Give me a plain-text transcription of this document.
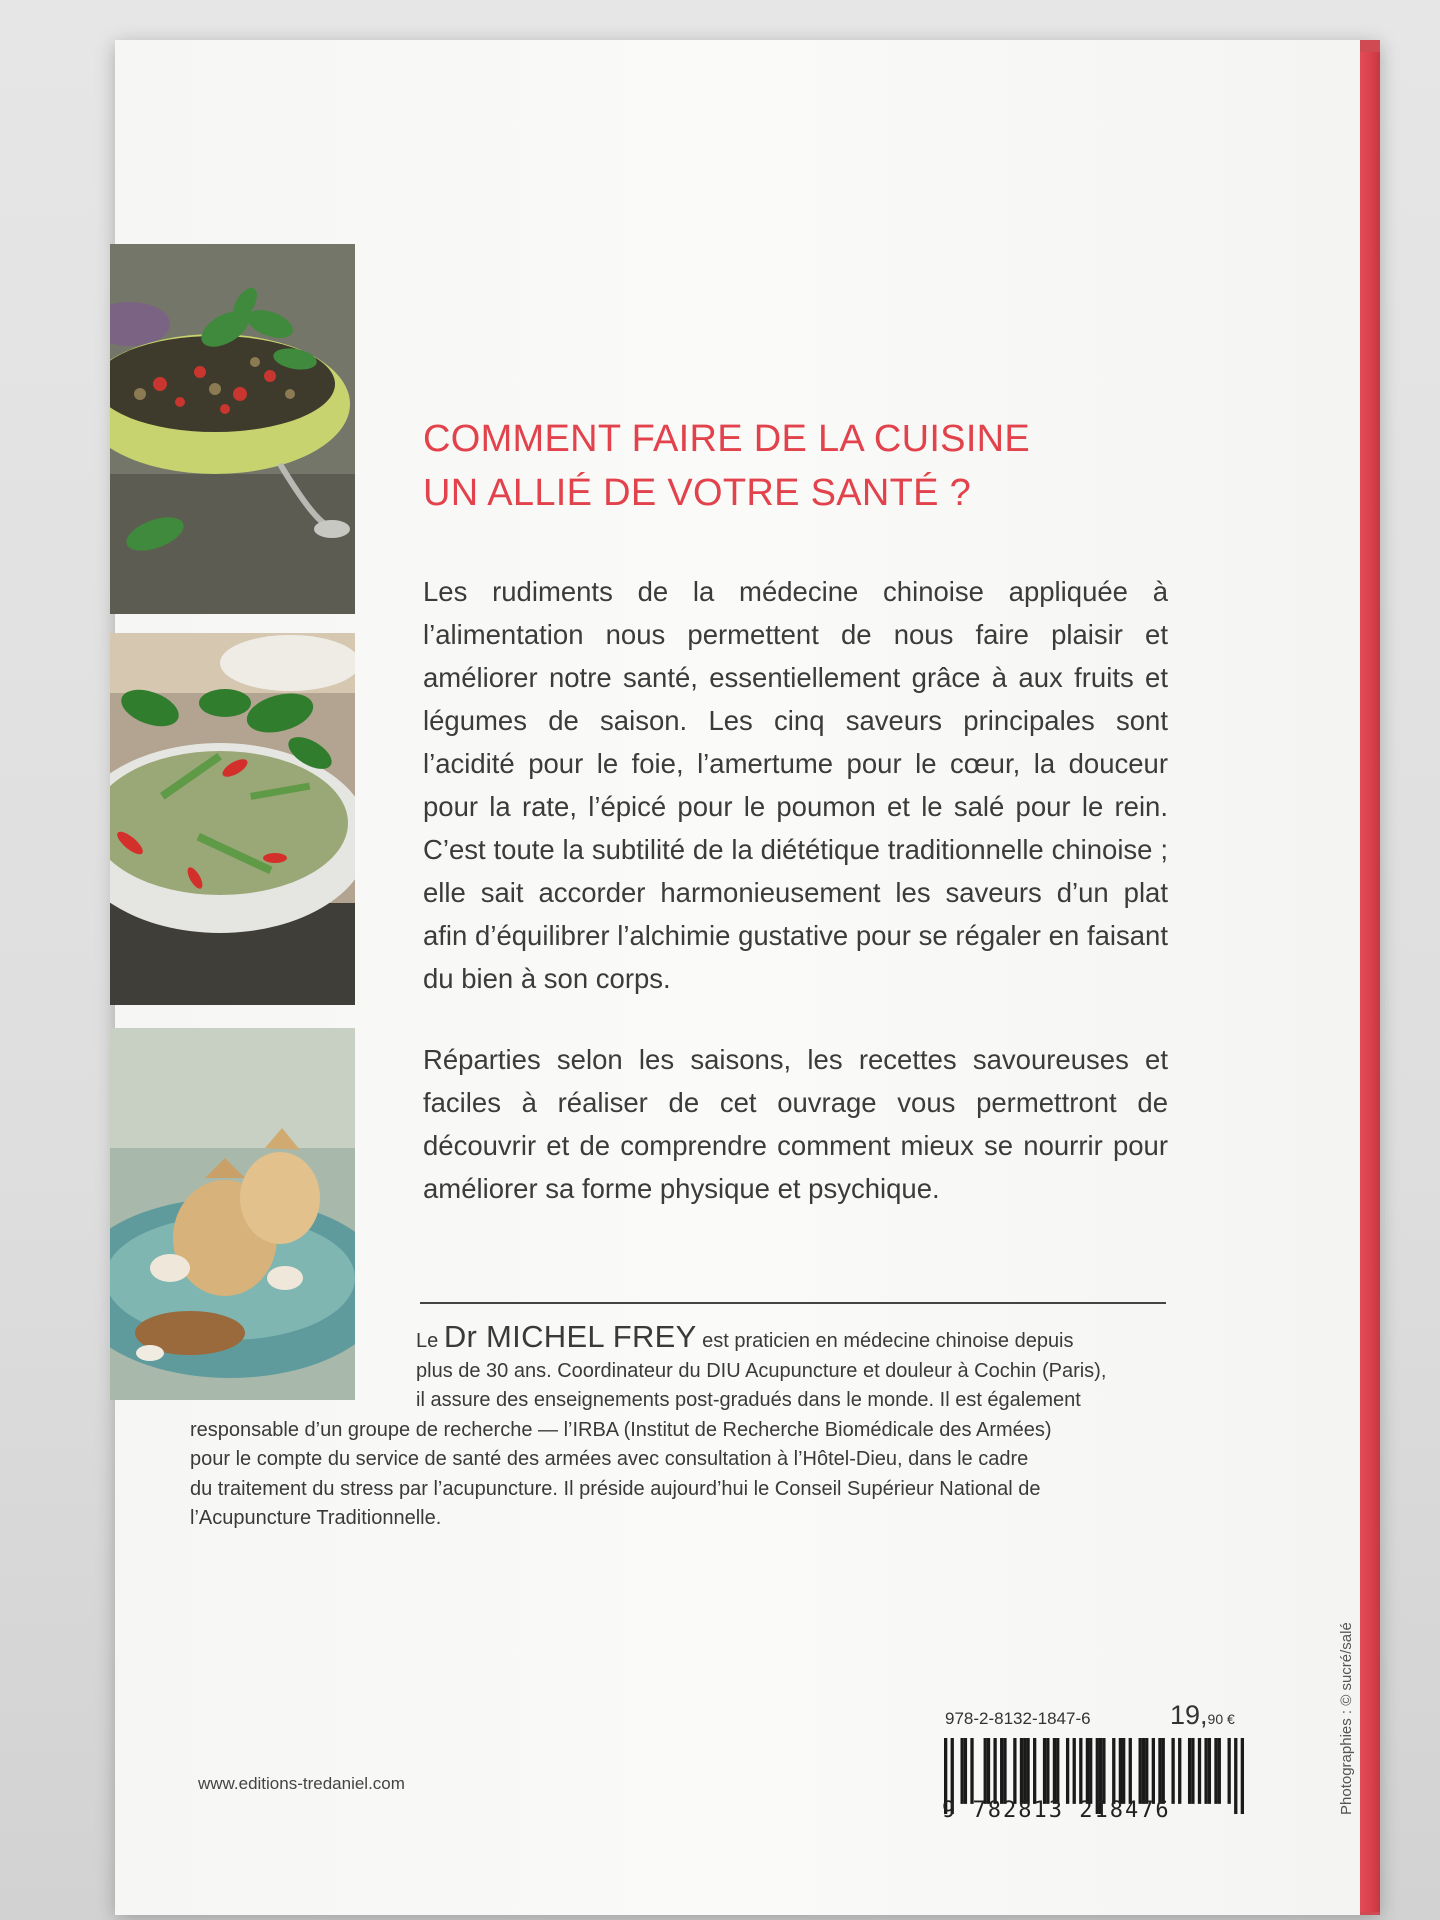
COMMENT FAIRE DE LA CUISINE
UN ALLIÉ DE VOTRE SANTÉ ?

Les rudiments de la médecine chinoise appliquée à l’alimentation nous permettent de nous faire plaisir et améliorer notre santé, essentiellement grâce à aux fruits et légumes de saison. Les cinq saveurs principales sont l’acidité pour le foie, l’amertume pour le cœur, la douceur pour la rate, l’épicé pour le poumon et le salé pour le rein. C’est toute la subtilité de la diététique traditionnelle chinoise ; elle sait accorder harmonieusement les saveurs d’un plat afin d’équilibrer l’alchimie gustative pour se régaler en faisant du bien à son corps.

Réparties selon les saisons, les recettes savoureuses et faciles à réaliser de cet ouvrage vous permettront de découvrir et de comprendre comment mieux se nourrir pour améliorer sa forme physique et psychique.

Le Dr MICHEL FREY est praticien en médecine chinoise depuis
plus de 30 ans. Coordinateur du DIU Acupuncture et douleur à Cochin (Paris),
il assure des enseignements post-gradués dans le monde. Il est également
responsable d’un groupe de recherche — l’IRBA (Institut de Recherche Biomédicale des Armées)
pour le compte du service de santé des armées avec consultation à l’Hôtel-Dieu, dans le cadre
du traitement du stress par l’acupuncture. Il préside aujourd’hui le Conseil Supérieur National de
l’Acupuncture Traditionnelle.
www.editions-tredaniel.com
978-2-8132-1847-6	19,90 €
9 782813 218476	Photographies : © sucré/salé
